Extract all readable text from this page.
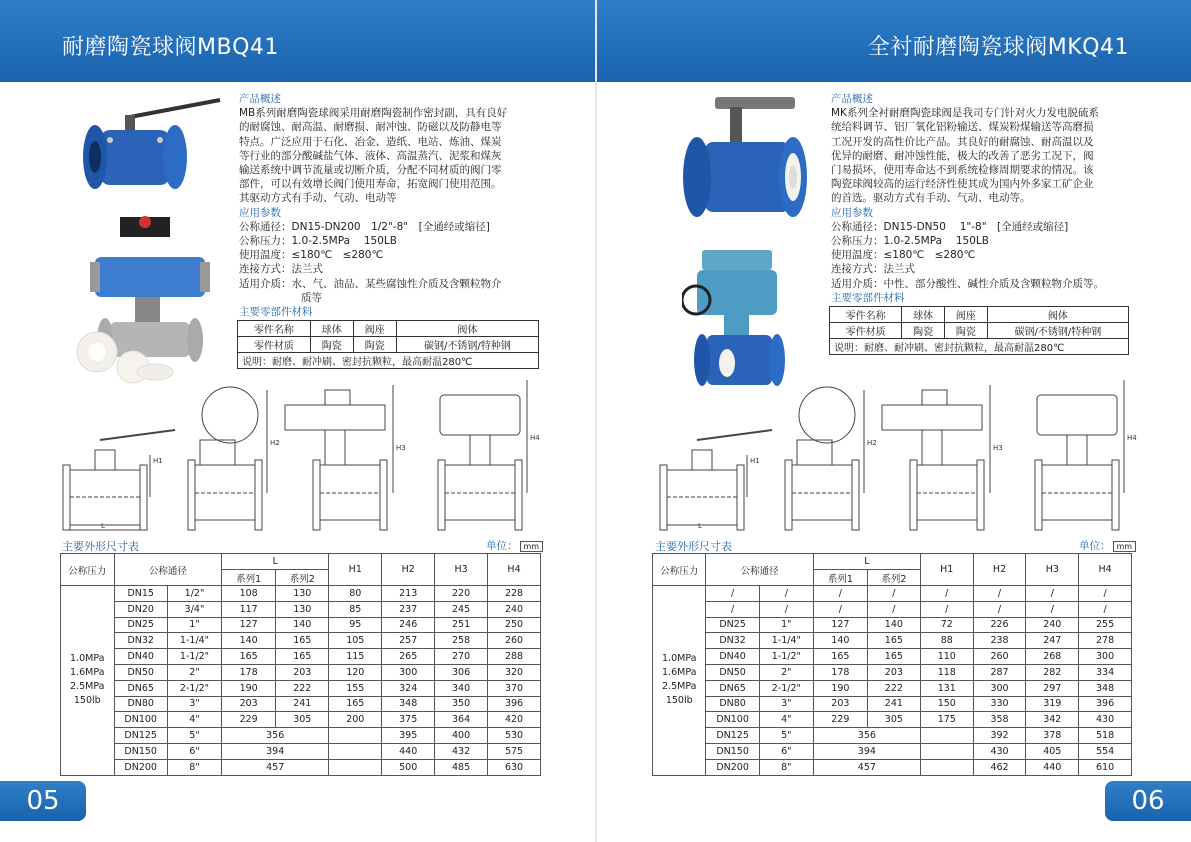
耐磨陶瓷球阀MBQ41	全衬耐磨陶瓷球阀MKQ41

产品概述

MB系列耐磨陶瓷球阀采用耐磨陶瓷制作密封副，具有良好

的耐腐蚀、耐高温、耐磨损、耐冲蚀、防磁以及防静电等

特点。广泛应用于石化、冶金、造纸、电站、炼油、煤炭

等行业的部分酸碱盐气体、液体、高温蒸汽、泥浆和煤灰

输送系统中调节流量或切断介质，分配不同材质的阀门零

部件，可以有效增长阀门使用寿命，拓宽阀门使用范围。

其驱动方式有手动、气动、电动等

应用参数

公称通径：DN15-DN200　1/2"-8"　[全通经或缩径]

公称压力：1.0-2.5MPa　 150LB

使用温度：≤180℃　≤280℃

连接方式：法兰式

适用介质：水、气、油品、某些腐蚀性介质及含颗粒物介

质等

主要零部件材料

零件名称	球体	阀座	阀体
零件材质	陶瓷	陶瓷	碳钢/不锈钢/特种钢
说明：耐磨、耐冲刷、密封抗颗粒，最高耐温280℃			
H1
L
H2
H3
H4
主要外形尺寸表	单位： mm
公称压力	公称通径		L		H1	H2	H3	H4
			系列1	系列2				

1.0MPa
1.6MPa
2.5MPa
150lb	DN15	1/2"	108	130	80	213	220	228
	DN20	3/4"	117	130	85	237	245	240
	DN25	1"	127	140	95	246	251	250
	DN32	1-1/4"	140	165	105	257	258	260
	DN40	1-1/2"	165	165	115	265	270	288
	DN50	2"	178	203	120	300	306	320
	DN65	2-1/2"	190	222	155	324	340	370
	DN80	3"	203	241	165	348	350	396
	DN100	4"	229	305	200	375	364	420
	DN125	5"	356			395	400	530
	DN150	6"	394			440	432	575
	DN200	8"	457			500	485	630

产品概述

MK系列全衬耐磨陶瓷球阀是我司专门针对火力发电脱硫系

统给料调节、铝厂氧化铝粉输送、煤炭粉煤输送等高磨损

工况开发的高性价比产品。其良好的耐腐蚀、耐高温以及

优异的耐磨、耐冲蚀性能，极大的改善了恶劣工况下，阀

门易损坏，使用寿命达不到系统检修周期要求的情况。该

陶瓷球阀较高的运行经济性使其成为国内外多家工矿企业

的首选。驱动方式有手动、气动、电动等。

应用参数

公称通径：DN15-DN50　 1"-8"　[全通经或缩径]

公称压力：1.0-2.5MPa　 150LB

使用温度：≤180℃　≤280℃

连接方式：法兰式

适用介质：中性、部分酸性、碱性介质及含颗粒物介质等。

主要零部件材料

零件名称	球体	阀座	阀体
零件材质	陶瓷	陶瓷	碳钢/不锈钢/特种钢
说明：耐磨、耐冲刷、密封抗颗粒，最高耐温280℃			
H1
L
H2
H3
H4
主要外形尺寸表	单位： mm
公称压力	公称通径		L		H1	H2	H3	H4
			系列1	系列2				

1.0MPa
1.6MPa
2.5MPa
150lb	/	/	/	/	/	/	/	/
	/	/	/	/	/	/	/	/
	DN25	1"	127	140	72	226	240	255
	DN32	1-1/4"	140	165	88	238	247	278
	DN40	1-1/2"	165	165	110	260	268	300
	DN50	2"	178	203	118	287	282	334
	DN65	2-1/2"	190	222	131	300	297	348
	DN80	3"	203	241	150	330	319	396
	DN100	4"	229	305	175	358	342	430
	DN125	5"	356			392	378	518
	DN150	6"	394			430	405	554
	DN200	8"	457			462	440	610
05	06
